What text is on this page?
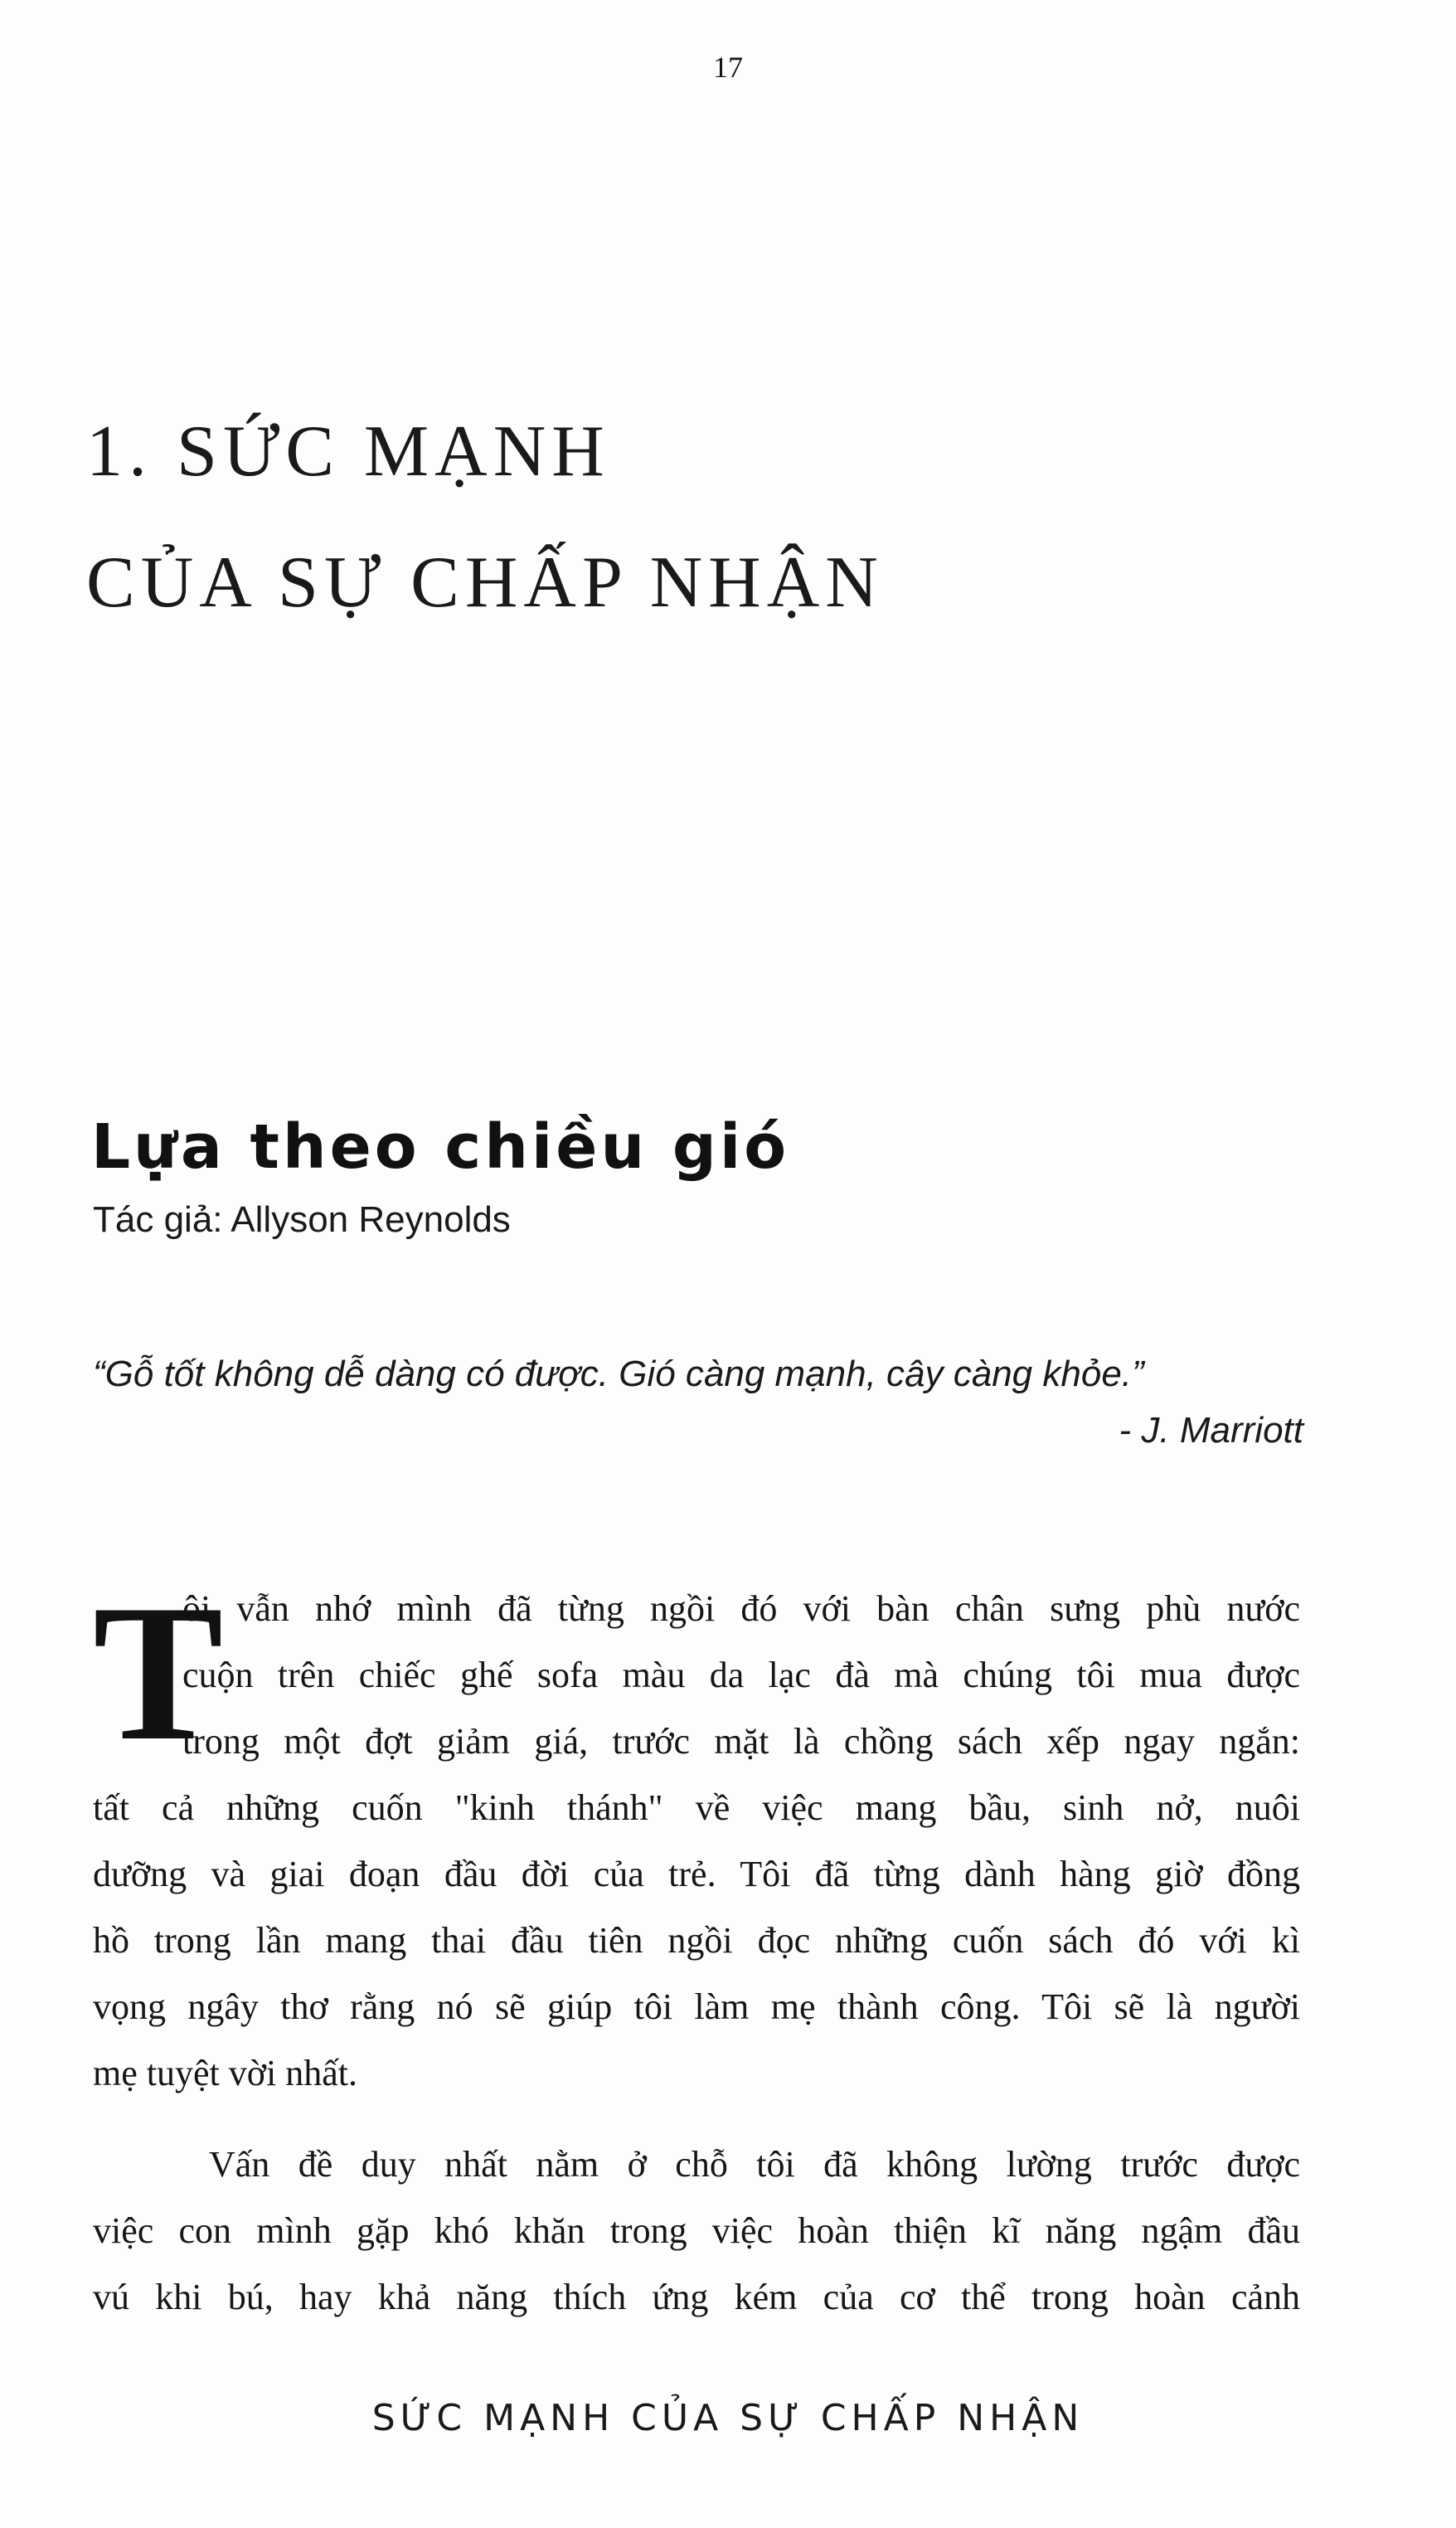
17
1. SỨC MẠNH
CỦA SỰ CHẤP NHẬN
Lựa theo chiều gió
Tác giả: Allyson Reynolds
“Gỗ tốt không dễ dàng có được. Gió càng mạnh, cây càng khỏe.”
- J. Marriott
T
ôi vẫn nhớ mình đã từng ngồi đó với bàn chân sưng phù nước
cuộn trên chiếc ghế sofa màu da lạc đà mà chúng tôi mua được
trong một đợt giảm giá, trước mặt là chồng sách xếp ngay ngắn:
tất cả những cuốn "kinh thánh" về việc mang bầu, sinh nở, nuôi
dưỡng và giai đoạn đầu đời của trẻ. Tôi đã từng dành hàng giờ đồng
hồ trong lần mang thai đầu tiên ngồi đọc những cuốn sách đó với kì
vọng ngây thơ rằng nó sẽ giúp tôi làm mẹ thành công. Tôi sẽ là người
mẹ tuyệt vời nhất.
Vấn đề duy nhất nằm ở chỗ tôi đã không lường trước được
việc con mình gặp khó khăn trong việc hoàn thiện kĩ năng ngậm đầu
vú khi bú, hay khả năng thích ứng kém của cơ thể trong hoàn cảnh
SỨC MẠNH CỦA SỰ CHẤP NHẬN
